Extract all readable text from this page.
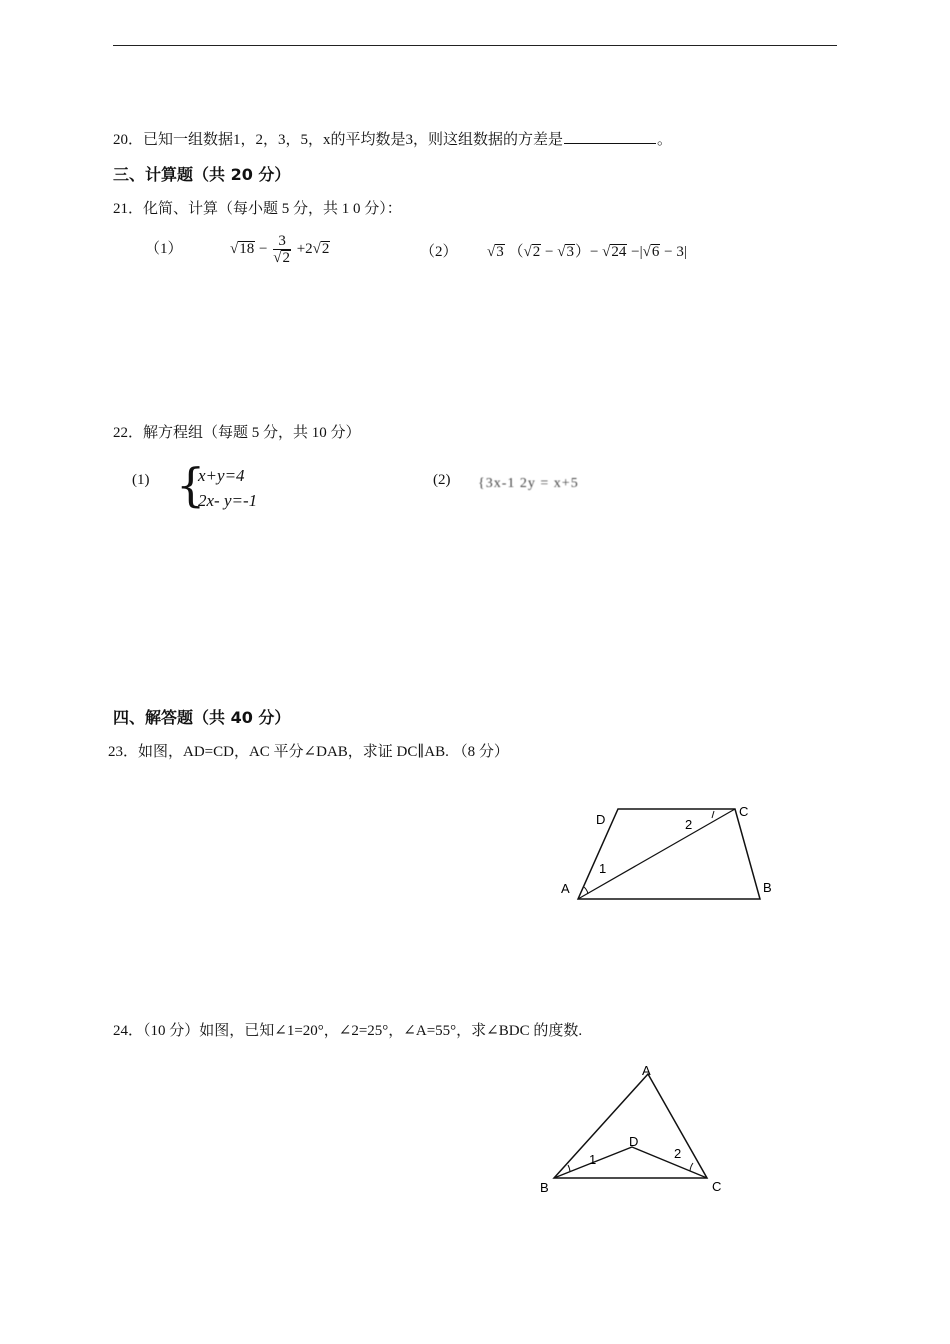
20．已知一组数据1，2，3，5，x的平均数是3，则这组数据的方差是	。
三、计算题（共 20 分）
21．化简、计算（每小题 5 分，共 1 0 分）：
（1）	$√18 - \frac{3}{√2} +2√2$	（2） √3 （√2 − √3）− √24 −|√6 − 3|
22．解方程组（每题 5 分，共 10 分）
(1) {
x+y=4
2x- y=-1
(2) {3x-1 2y = x+5
四、解答题（共 40 分）
23．如图，AD=CD，AC 平分∠DAB，求证 DC∥AB. （8 分）
D
C
A	B
1
2
24．（10 分）如图，已知∠1=20°，∠2=25°，∠A=55°，求∠BDC 的度数.
A
D
B	C
1	2
